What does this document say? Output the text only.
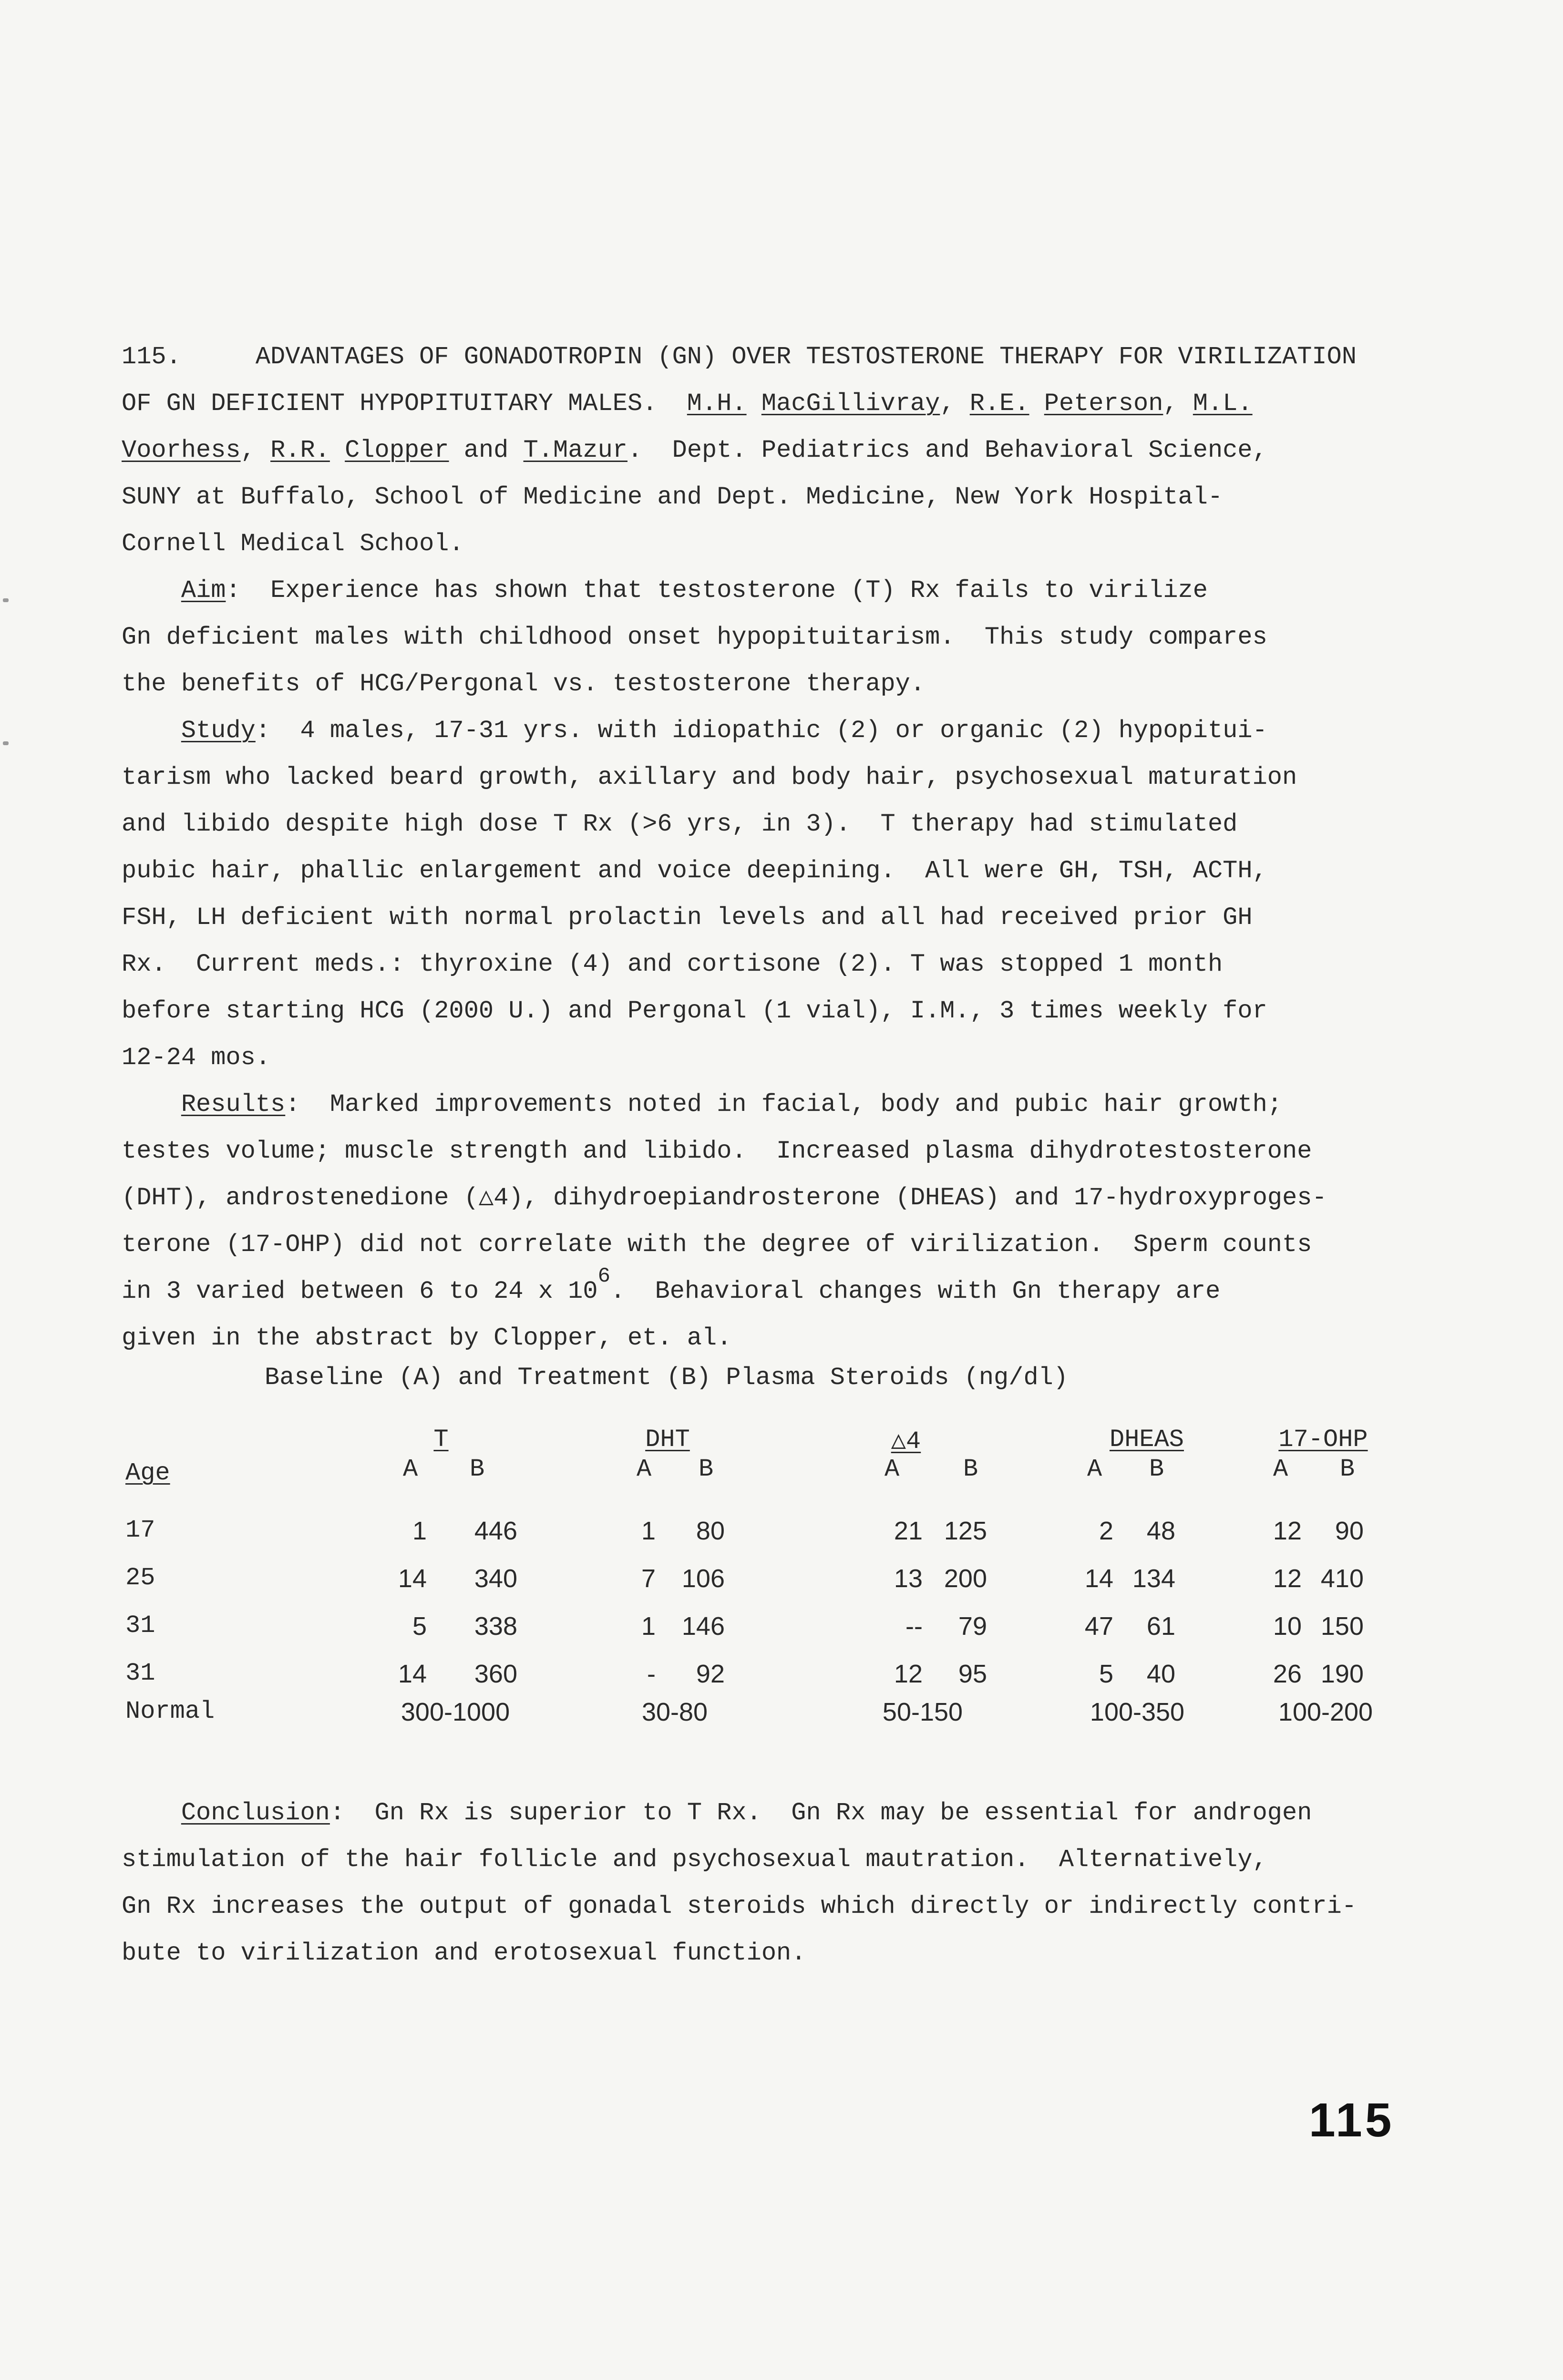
115.     ADVANTAGES OF GONADOTROPIN (GN) OVER TESTOSTERONE THERAPY FOR VIRILIZATION
OF GN DEFICIENT HYPOPITUITARY MALES.  M.H. MacGillivray, R.E. Peterson, M.L.
Voorhess, R.R. Clopper and T.Mazur.  Dept. Pediatrics and Behavioral Science,
SUNY at Buffalo, School of Medicine and Dept. Medicine, New York Hospital-
Cornell Medical School.
Aim:  Experience has shown that testosterone (T) Rx fails to virilize
Gn deficient males with childhood onset hypopituitarism.  This study compares
the benefits of HCG/Pergonal vs. testosterone therapy.
Study:  4 males, 17-31 yrs. with idiopathic (2) or organic (2) hypopitui-
tarism who lacked beard growth, axillary and body hair, psychosexual maturation
and libido despite high dose T Rx (>6 yrs, in 3).  T therapy had stimulated
pubic hair, phallic enlargement and voice deepining.  All were GH, TSH, ACTH,
FSH, LH deficient with normal prolactin levels and all had received prior GH
Rx.  Current meds.: thyroxine (4) and cortisone (2). T was stopped 1 month
before starting HCG (2000 U.) and Pergonal (1 vial), I.M., 3 times weekly for
12-24 mos.
Results:  Marked improvements noted in facial, body and pubic hair growth;
testes volume; muscle strength and libido.  Increased plasma dihydrotestosterone
(DHT), androstenedione (△4), dihydroepiandrosterone (DHEAS) and 17-hydroxyproges-
terone (17-OHP) did not correlate with the degree of virilization.  Sperm counts
in 3 varied between 6 to 24 x $10^6$.  Behavioral changes with Gn therapy are
given in the abstract by Clopper, et. al.
Baseline (A) and Treatment (B) Plasma Steroids (ng/dl)
Age
T	DHT	△4	DHEAS	17-OHP
A B	A B	A	B	A B	A B
17	1	446	1	80	21 125	2	48	12	90
25	14	340	7	106	13 200	14 134	12 410
31	5	338	1	146	--	79	47	61	10 150
31	14	360	-	92	12	95	5	40	26 190
Normal	300-1000	30-80	50-150	100-350	100-200
Conclusion:  Gn Rx is superior to T Rx.  Gn Rx may be essential for androgen
stimulation of the hair follicle and psychosexual mautration.  Alternatively,
Gn Rx increases the output of gonadal steroids which directly or indirectly contri-
bute to virilization and erotosexual function.
115
